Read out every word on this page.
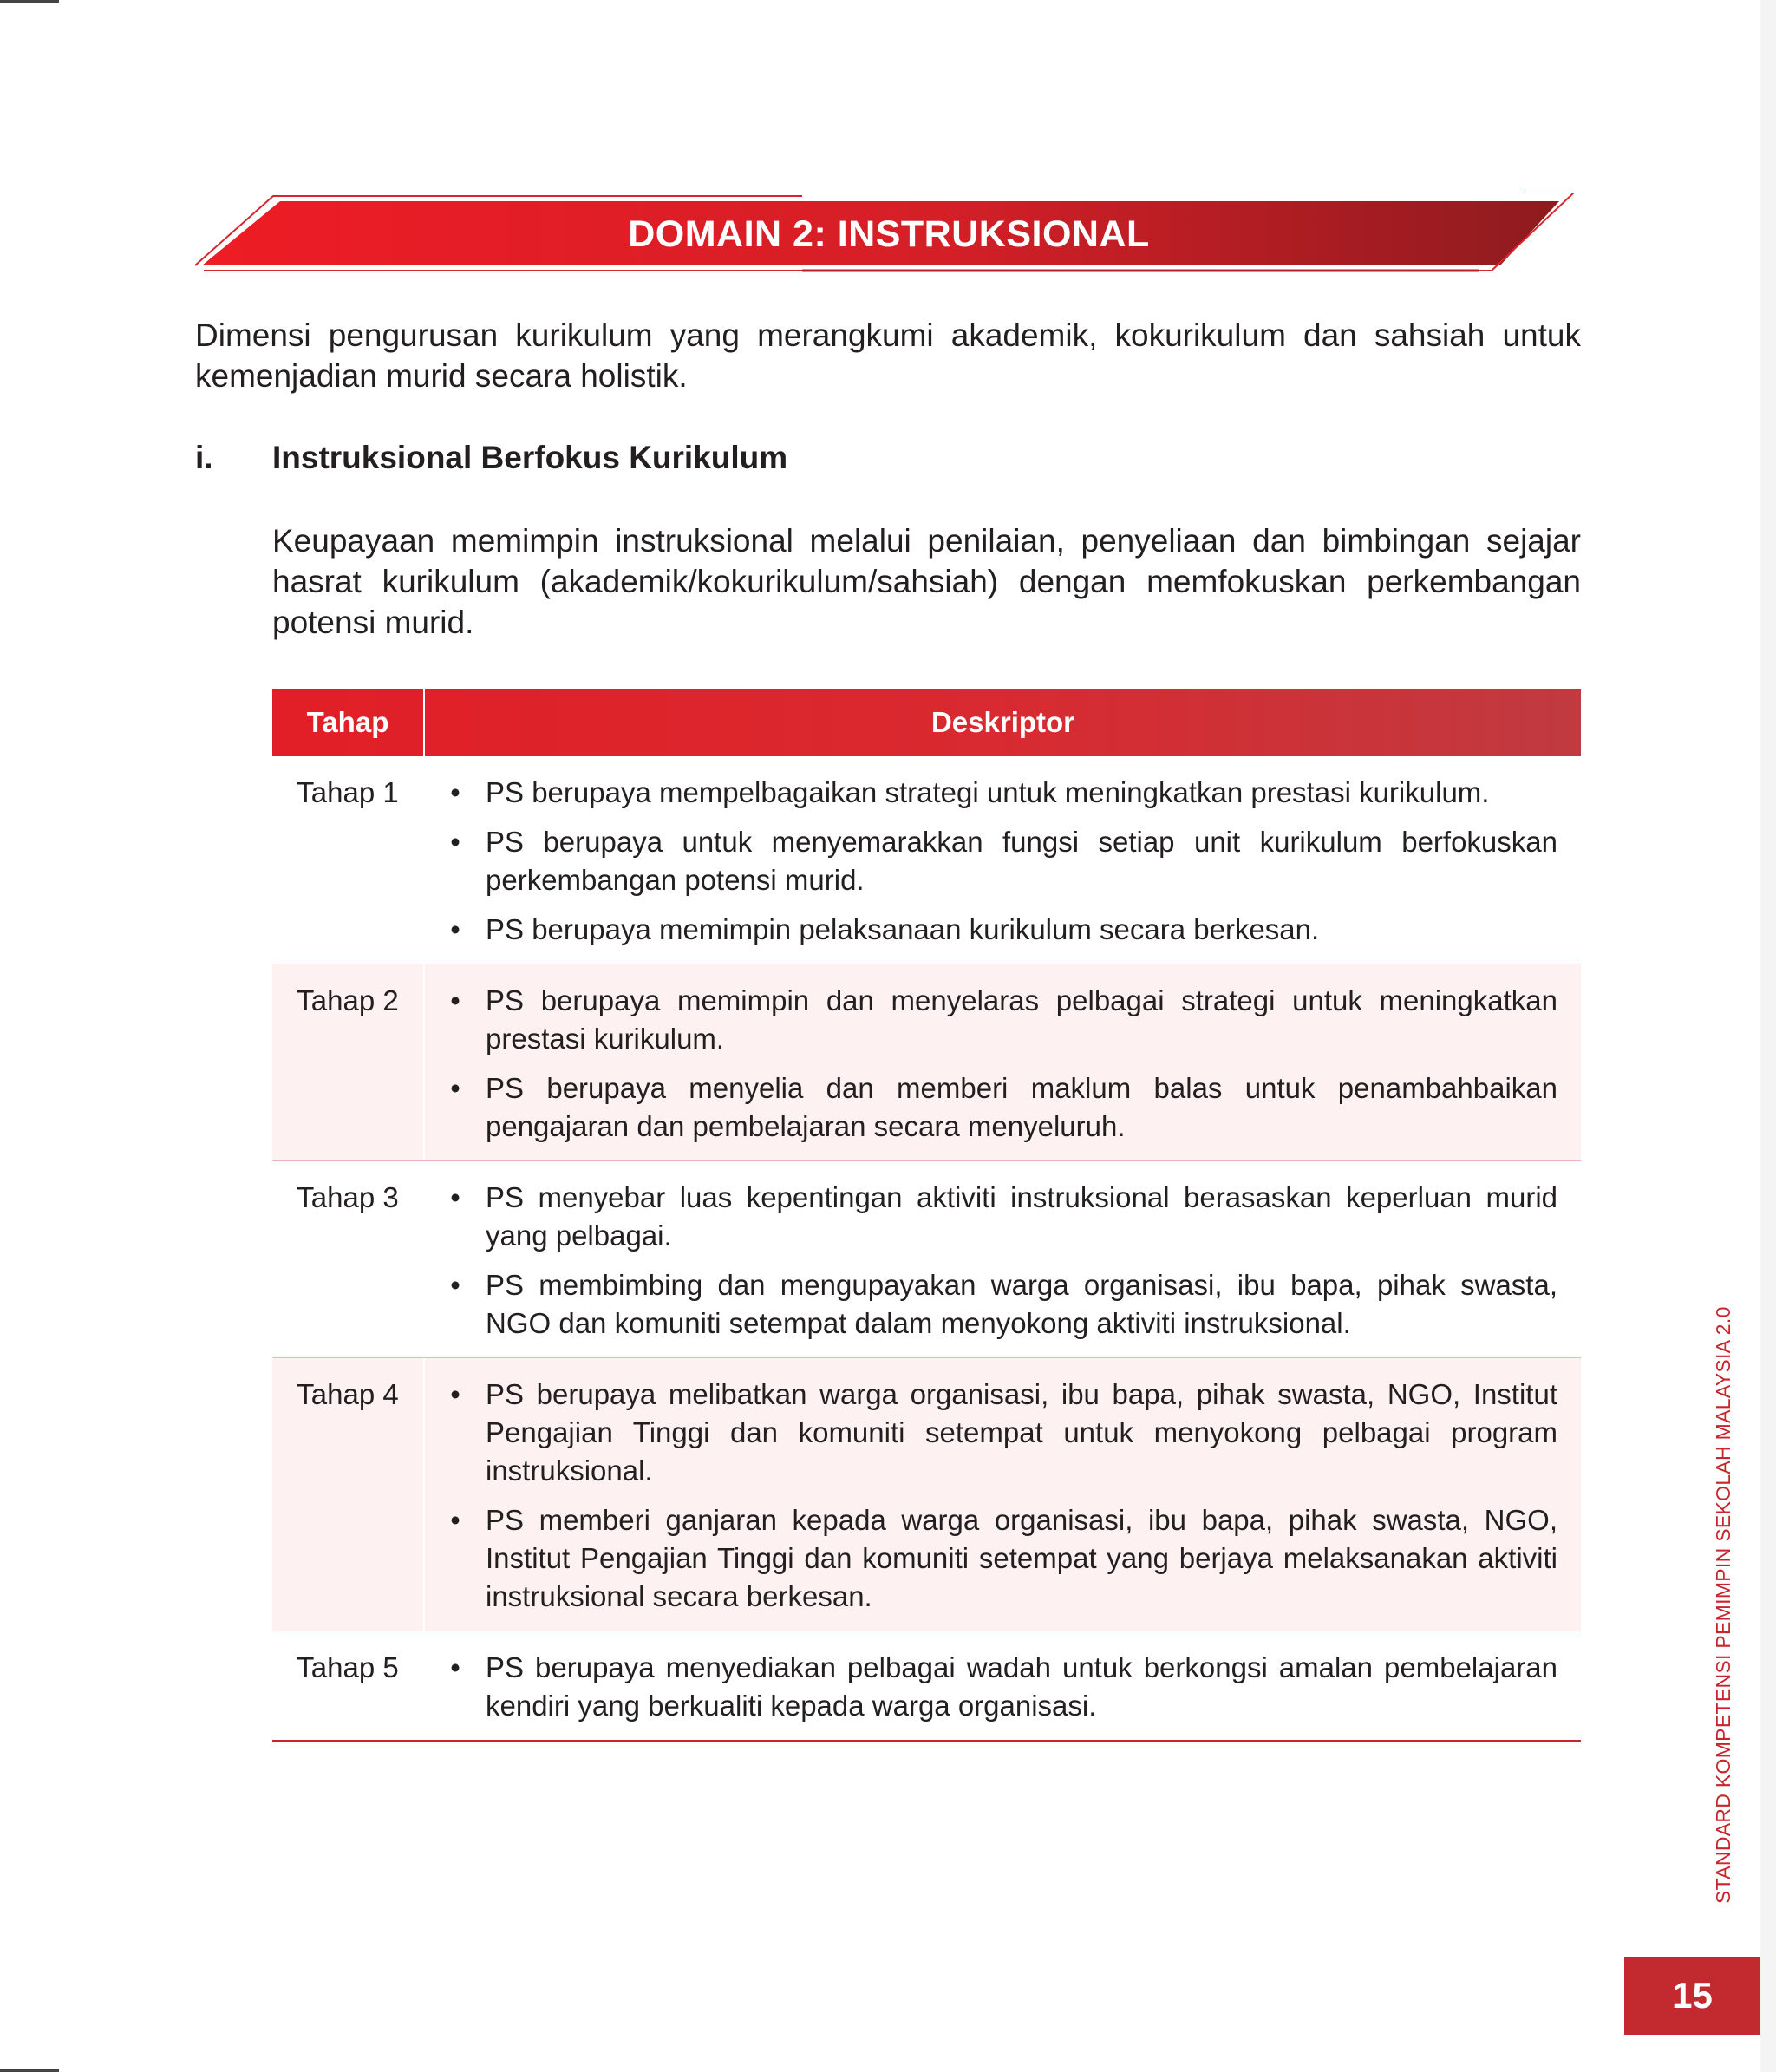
DOMAIN 2: INSTRUKSIONAL

Dimensi pengurusan kurikulum yang merangkumi akademik, kokurikulum dan sahsiah untuk kemenjadian murid secara holistik.

i. Instruksional Berfokus Kurikulum

Keupayaan memimpin instruksional melalui penilaian, penyeliaan dan bimbingan sejajar hasrat kurikulum (akademik/kokurikulum/sahsiah) dengan memfokuskan perkembangan potensi murid.

Tahap	Deskriptor
Tahap 1	• PS berupaya mempelbagaikan strategi untuk meningkatkan prestasi kurikulum.
• PS berupaya untuk menyemarakkan fungsi setiap unit kurikulum berfokuskan perkembangan potensi murid.
• PS berupaya memimpin pelaksanaan kurikulum secara berkesan.
Tahap 2	• PS berupaya memimpin dan menyelaras pelbagai strategi untuk meningkatkan prestasi kurikulum.
• PS berupaya menyelia dan memberi maklum balas untuk penambahbaikan pengajaran dan pembelajaran secara menyeluruh.
Tahap 3	• PS menyebar luas kepentingan aktiviti instruksional berasaskan keperluan murid yang pelbagai.
• PS membimbing dan mengupayakan warga organisasi, ibu bapa, pihak swasta, NGO dan komuniti setempat dalam menyokong aktiviti instruksional.
Tahap 4	• PS berupaya melibatkan warga organisasi, ibu bapa, pihak swasta, NGO, Institut Pengajian Tinggi dan komuniti setempat untuk menyokong pelbagai program instruksional.
• PS memberi ganjaran kepada warga organisasi, ibu bapa, pihak swasta, NGO, Institut Pengajian Tinggi dan komuniti setempat yang berjaya melaksanakan aktiviti instruksional secara berkesan.
Tahap 5	• PS berupaya menyediakan pelbagai wadah untuk berkongsi amalan pembelajaran kendiri yang berkualiti kepada warga organisasi.	STANDARD KOMPETENSI PEMIMPIN SEKOLAH MALAYSIA 2.0
15
